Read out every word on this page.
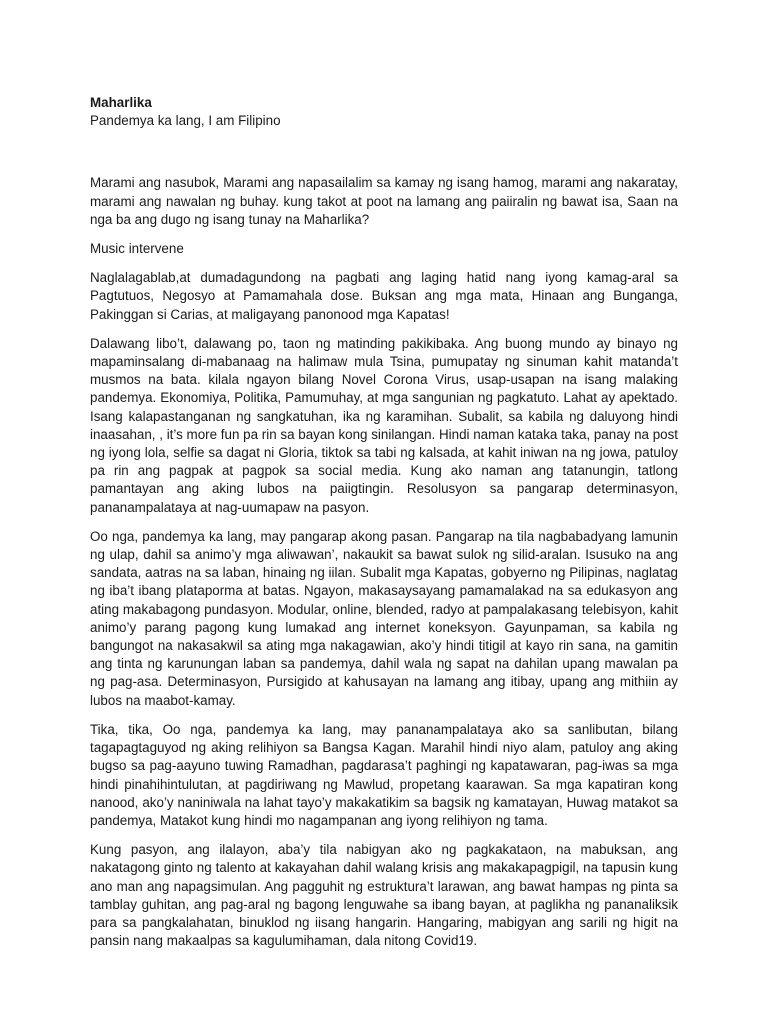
Maharlika

Pandemya ka lang, I am Filipino

Marami ang nasubok, Marami ang napasailalim sa kamay ng isang hamog, marami ang nakaratay, marami ang nawalan ng buhay. kung takot at poot na lamang ang paiiralin ng bawat isa, Saan na nga ba ang dugo ng isang tunay na Maharlika?

Music intervene

Naglalagablab,at dumadagundong na pagbati ang laging hatid nang iyong kamag-aral sa Pagtutuos, Negosyo at Pamamahala dose. Buksan ang mga mata, Hinaan ang Bunganga, Pakinggan si Carias, at maligayang panonood mga Kapatas!

Dalawang libo’t, dalawang po, taon ng matinding pakikibaka. Ang buong mundo ay binayo ng mapaminsalang di-mabanaag na halimaw mula Tsina, pumupatay ng sinuman kahit matanda’t musmos na bata. kilala ngayon bilang Novel Corona Virus, usap-usapan na isang malaking pandemya. Ekonomiya, Politika, Pamumuhay, at mga sangunian ng pagkatuto. Lahat ay apektado. Isang kalapastanganan ng sangkatuhan, ika ng karamihan. Subalit, sa kabila ng daluyong hindi inaasahan, , it’s more fun pa rin sa bayan kong sinilangan. Hindi naman kataka taka, panay na post ng iyong lola, selfie sa dagat ni Gloria, tiktok sa tabi ng kalsada, at kahit iniwan na ng jowa, patuloy pa rin ang pagpak at pagpok sa social media. Kung ako naman ang tatanungin, tatlong pamantayan ang aking lubos na paiigtingin. Resolusyon sa pangarap determinasyon, pananampalataya at nag-uumapaw na pasyon.

Oo nga, pandemya ka lang, may pangarap akong pasan. Pangarap na tila nagbabadyang lamunin ng ulap, dahil sa animo’y mga aliwawan’, nakaukit sa bawat sulok ng silid-aralan. Isusuko na ang sandata, aatras na sa laban, hinaing ng iilan. Subalit mga Kapatas, gobyerno ng Pilipinas, naglatag ng iba’t ibang plataporma at batas. Ngayon, makasaysayang pamamalakad na sa edukasyon ang ating makabagong pundasyon. Modular, online, blended, radyo at pampalakasang telebisyon, kahit animo’y parang pagong kung lumakad ang internet koneksyon. Gayunpaman, sa kabila ng bangungot na nakasakwil sa ating mga nakagawian, ako’y hindi titigil at kayo rin sana, na gamitin ang tinta ng karunungan laban sa pandemya, dahil wala ng sapat na dahilan upang mawalan pa ng pag-asa. Determinasyon, Pursigido at kahusayan na lamang ang itibay, upang ang mithiin ay lubos na maabot-kamay.

Tika, tika, Oo nga, pandemya ka lang, may pananampalataya ako sa sanlibutan, bilang tagapagtaguyod ng aking relihiyon sa Bangsa Kagan. Marahil hindi niyo alam, patuloy ang aking bugso sa pag-aayuno tuwing Ramadhan, pagdarasa’t paghingi ng kapatawaran, pag-iwas sa mga hindi pinahihintulutan, at pagdiriwang ng Mawlud, propetang kaarawan. Sa mga kapatiran kong nanood, ako’y naniniwala na lahat tayo’y makakatikim sa bagsik ng kamatayan, Huwag matakot sa pandemya, Matakot kung hindi mo nagampanan ang iyong relihiyon ng tama.

Kung pasyon, ang ilalayon, aba’y tila nabigyan ako ng pagkakataon, na mabuksan, ang nakatagong ginto ng talento at kakayahan dahil walang krisis ang makakapagpigil, na tapusin kung ano man ang napagsimulan. Ang pagguhit ng estruktura’t larawan, ang bawat hampas ng pinta sa tamblay guhitan, ang pag-aral ng bagong lenguwahe sa ibang bayan, at paglikha ng pananaliksik para sa pangkalahatan, binuklod ng iisang hangarin. Hangaring, mabigyan ang sarili ng higit na pansin nang makaalpas sa kagulumihaman, dala nitong Covid19.
